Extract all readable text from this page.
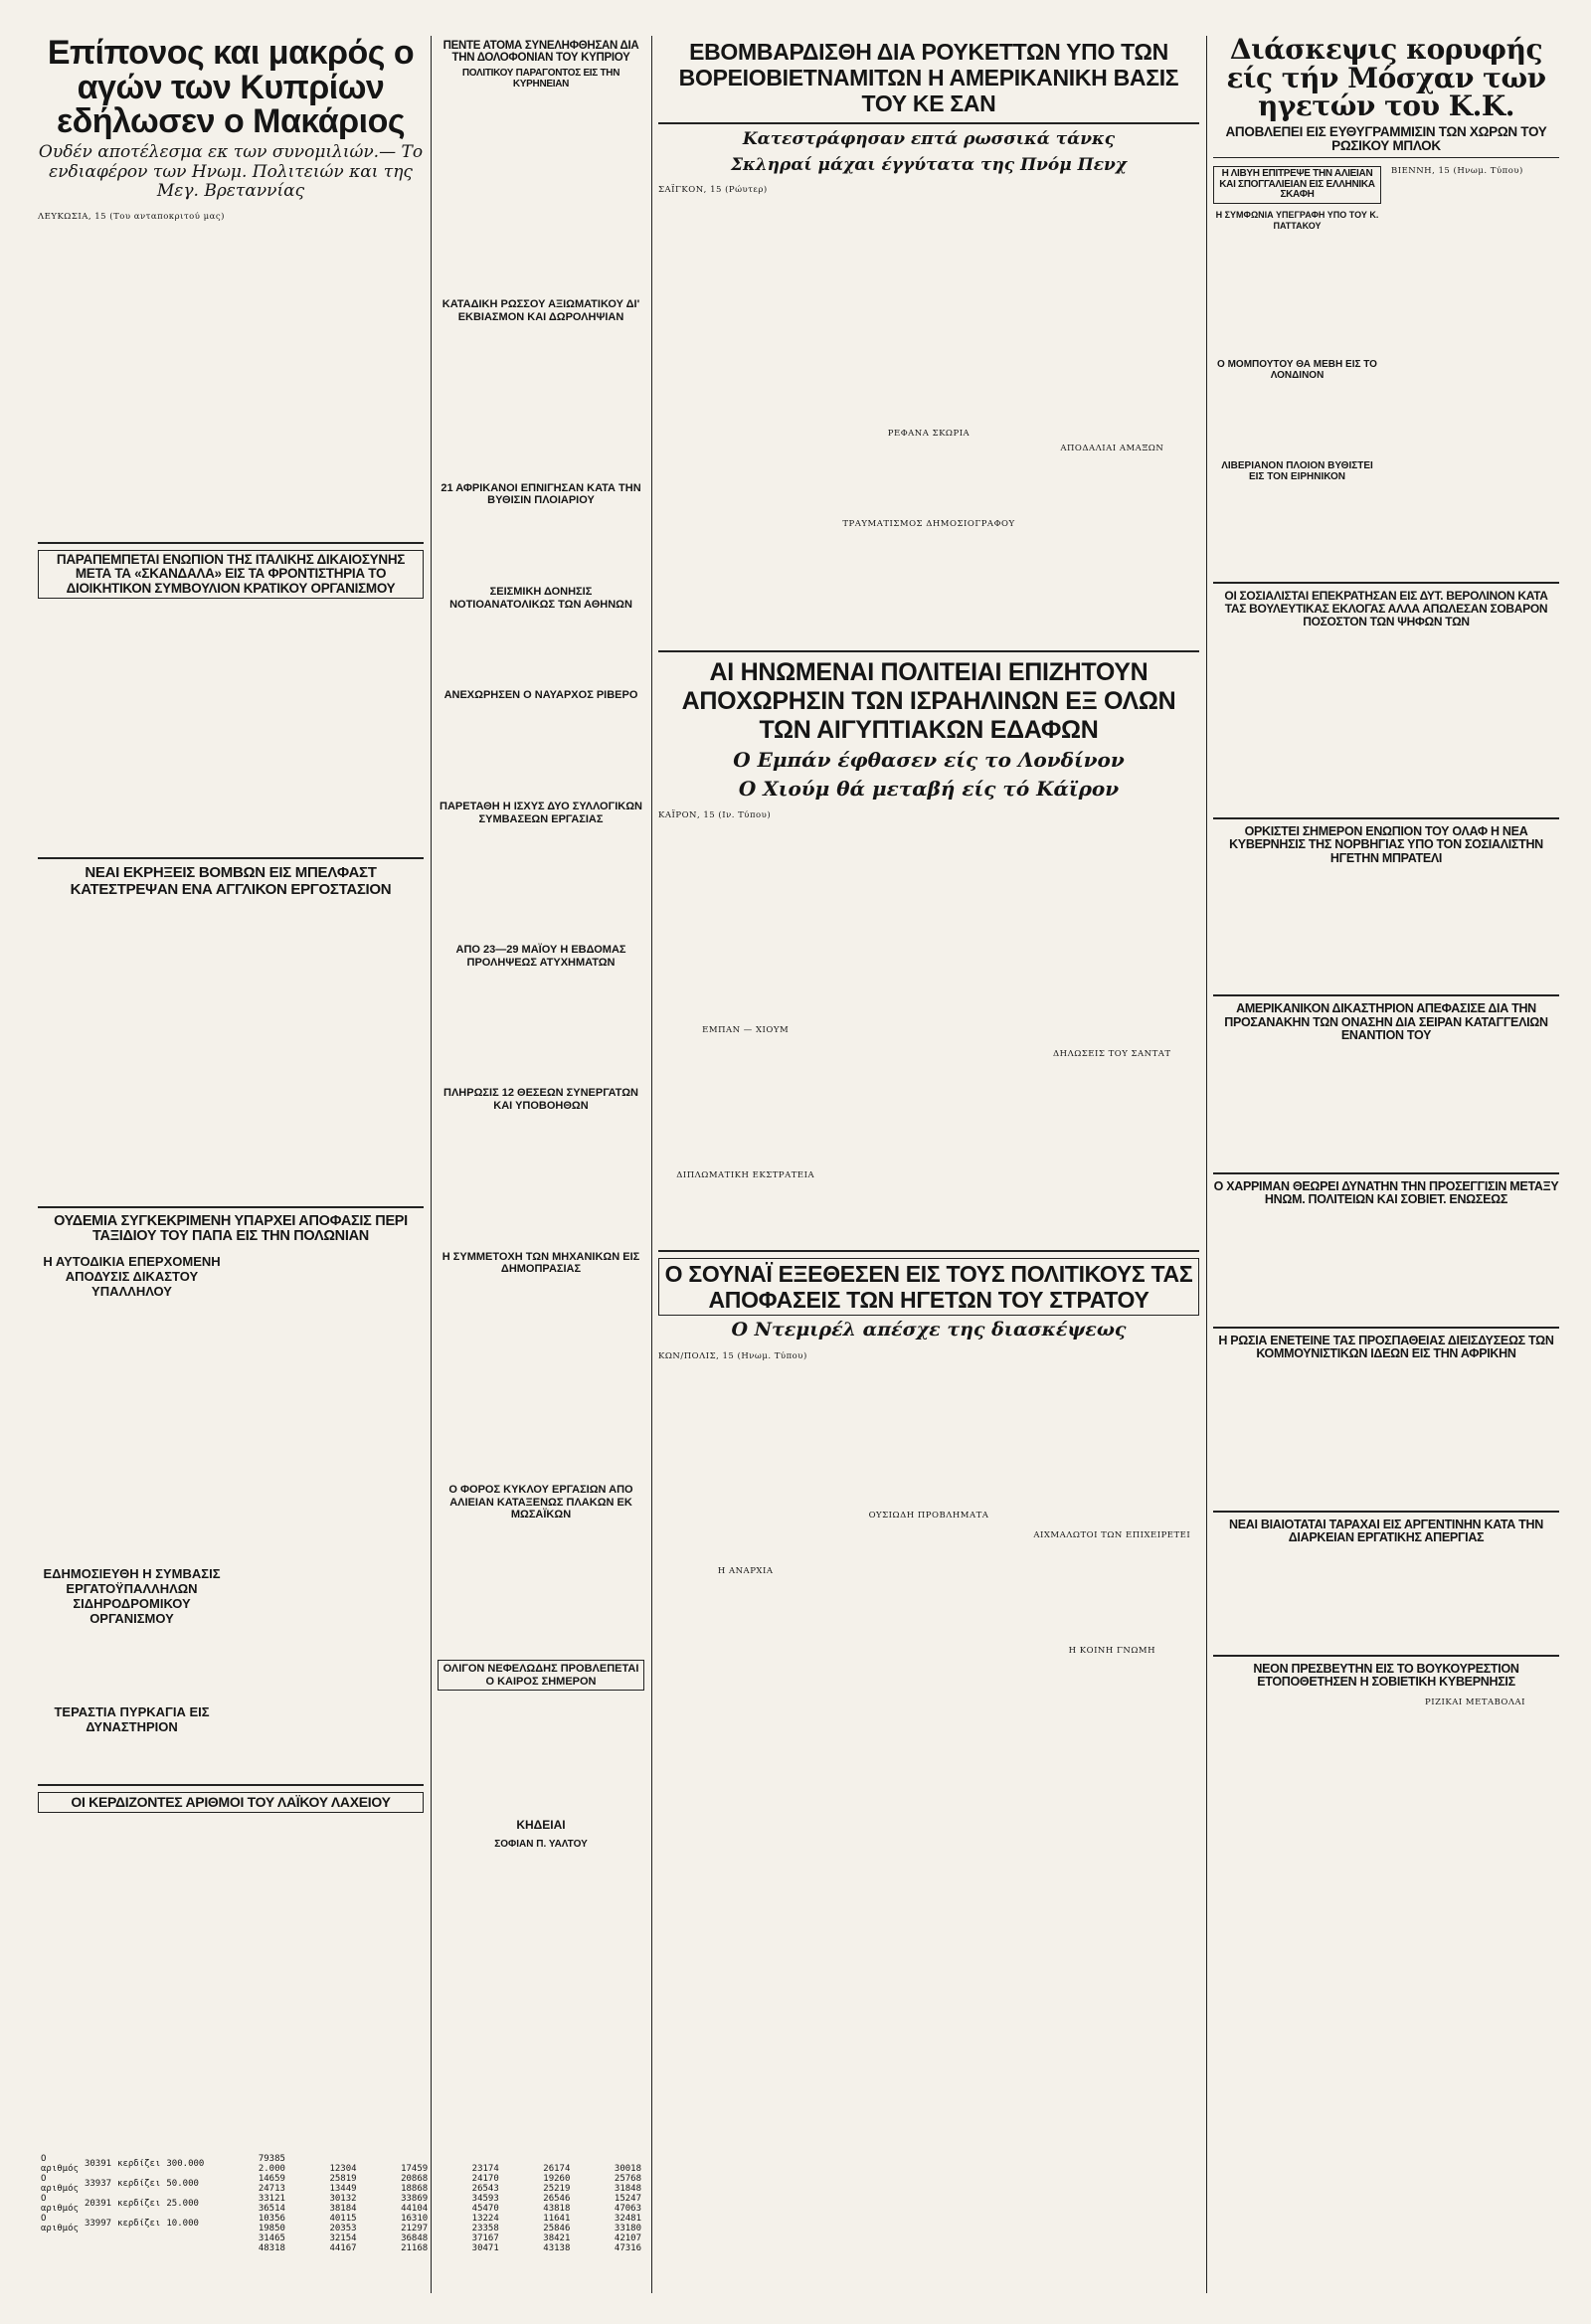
Επίπονος και μακρός ο αγών των Κυπρίων εδήλωσεν ο Μακάριος
Ουδέν αποτέλεσμα εκ των συνομιλιών.— Το ενδιαφέρον των Ηνωμ. Πολιτειών και της Μεγ. Βρεταννίας
ΛΕΥΚΩΣΙΑ, 15 (Του ανταποκριτού μας)

ΠΑΡΑΠΕΜΠΕΤΑΙ ΕΝΩΠΙΟΝ ΤΗΣ ΙΤΑΛΙΚΗΣ ΔΙΚΑΙΟΣΥΝΗΣ ΜΕΤΑ ΤΑ «ΣΚΑΝΔΑΛΑ» ΕΙΣ ΤΑ ΦΡΟΝΤΙΣΤΗΡΙΑ ΤΟ ΔΙΟΙΚΗΤΙΚΟΝ ΣΥΜΒΟΥΛΙΟΝ ΚΡΑΤΙΚΟΥ ΟΡΓΑΝΙΣΜΟΥ

ΝΕΑΙ ΕΚΡΗΞΕΙΣ ΒΟΜΒΩΝ ΕΙΣ ΜΠΕΛΦΑΣΤ ΚΑΤΕΣΤΡΕΨΑΝ ΕΝΑ ΑΓΓΛΙΚΟΝ ΕΡΓΟΣΤΑΣΙΟΝ

ΟΥΔΕΜΙΑ ΣΥΓΚΕΚΡΙΜΕΝΗ ΥΠΑΡΧΕΙ ΑΠΟΦΑΣΙΣ ΠΕΡΙ ΤΑΞΙΔΙΟΥ ΤΟΥ ΠΑΠΑ ΕΙΣ ΤΗΝ ΠΟΛΩΝΙΑΝ
Η ΑΥΤΟΔΙΚΙΑ ΕΠΕΡΧΟΜΕΝΗ ΑΠΟΔΥΣΙΣ ΔΙΚΑΣΤΟΥ ΥΠΑΛΛΗΛΟΥ

ΕΔΗΜΟΣΙΕΥΘΗ Η ΣΥΜΒΑΣΙΣ ΕΡΓΑΤΟΫΠΑΛΛΗΛΩΝ ΣΙΔΗΡΟΔΡΟΜΙΚΟΥ ΟΡΓΑΝΙΣΜΟΥ

ΤΕΡΑΣΤΙΑ ΠΥΡΚΑΓΙΑ ΕΙΣ ΔΥΝΑΣΤΗΡΙΟΝ

ΟΙ ΚΕΡΔΙΖΟΝΤΕΣ ΑΡΙΘΜΟΙ ΤΟΥ ΛΑΪΚΟΥ ΛΑΧΕΙΟΥ
ΠΕΝΤΕ ΑΤΟΜΑ ΣΥΝΕΛΗΦΘΗΣΑΝ ΔΙΑ ΤΗΝ ΔΟΛΟΦΟΝΙΑΝ ΤΟΥ ΚΥΠΡΙΟΥ
ΠΟΛΙΤΙΚΟΥ ΠΑΡΑΓΟΝΤΟΣ ΕΙΣ ΤΗΝ ΚΥΡΗΝΕΙΑΝ

ΚΑΤΑΔΙΚΗ ΡΩΣΣΟΥ ΑΞΙΩΜΑΤΙΚΟΥ ΔΙ' ΕΚΒΙΑΣΜΟΝ ΚΑΙ ΔΩΡΟΛΗΨΙΑΝ

21 ΑΦΡΙΚΑΝΟΙ ΕΠΝΙΓΗΣΑΝ ΚΑΤΑ ΤΗΝ ΒΥΘΙΣΙΝ ΠΛΟΙΑΡΙΟΥ

ΣΕΙΣΜΙΚΗ ΔΟΝΗΣΙΣ ΝΟΤΙΟΑΝΑΤΟΛΙΚΩΣ ΤΩΝ ΑΘΗΝΩΝ

ΑΝΕΧΩΡΗΣΕΝ Ο ΝΑΥΑΡΧΟΣ ΡΙΒΕΡΟ

ΠΑΡΕΤΑΘΗ Η ΙΣΧΥΣ ΔΥΟ ΣΥΛΛΟΓΙΚΩΝ ΣΥΜΒΑΣΕΩΝ ΕΡΓΑΣΙΑΣ

ΑΠΟ 23—29 ΜΑΪΟΥ Η ΕΒΔΟΜΑΣ ΠΡΟΛΗΨΕΩΣ ΑΤΥΧΗΜΑΤΩΝ

ΠΛΗΡΩΣΙΣ 12 ΘΕΣΕΩΝ ΣΥΝΕΡΓΑΤΩΝ ΚΑΙ ΥΠΟΒΟΗΘΩΝ

Η ΣΥΜΜΕΤΟΧΗ ΤΩΝ ΜΗΧΑΝΙΚΩΝ ΕΙΣ ΔΗΜΟΠΡΑΣΙΑΣ

Ο ΦΟΡΟΣ ΚΥΚΛΟΥ ΕΡΓΑΣΙΩΝ ΑΠΟ ΑΛΙΕΙΑΝ ΚΑΤΑΞΕΝΩΣ ΠΛΑΚΩΝ ΕΚ ΜΩΣΑΪΚΩΝ

ΟΛΙΓΟΝ ΝΕΦΕΛΩΔΗΣ ΠΡΟΒΛΕΠΕΤΑΙ Ο ΚΑΙΡΟΣ ΣΗΜΕΡΟΝ

ΚΗΔΕΙΑΙ
ΣΟΦΙΑΝ Π. ΥΑΛΤΟΥ

ΕΒΟΜΒΑΡΔΙΣΘΗ ΔΙΑ ΡΟΥΚΕΤΤΩΝ ΥΠΟ ΤΩΝ ΒΟΡΕΙΟΒΙΕΤΝΑΜΙΤΩΝ Η ΑΜΕΡΙΚΑΝΙΚΗ ΒΑΣΙΣ ΤΟΥ ΚΕ ΣΑΝ
Κατεστράφησαν επτά ρωσσικά τάνκς
Σκληραί μάχαι έγγύτατα της Πνόμ Πενχ
ΣΑΪΓΚΟΝ, 15 (Ρώυτερ)

ΡΕΦΑΝΑ ΣΚΩΡΙΑ

ΤΡΑΥΜΑΤΙΣΜΟΣ ΔΗΜΟΣΙΟΓΡΑΦΟΥ

ΑΠΟΔΑΛΙΑΙ ΑΜΑΞΩΝ

ΑΙ ΗΝΩΜΕΝΑΙ ΠΟΛΙΤΕΙΑΙ ΕΠΙΖΗΤΟΥΝ ΑΠΟΧΩΡΗΣΙΝ ΤΩΝ ΙΣΡΑΗΛΙΝΩΝ ΕΞ ΟΛΩΝ ΤΩΝ ΑΙΓΥΠΤΙΑΚΩΝ ΕΔΑΦΩΝ
Ο Εμπάν έφθασεν είς το Λονδίνον
Ο Χιούμ θά μεταβή είς τό Κάϊρον
ΚΑΪΡΟΝ, 15 (Ιν. Τύπου)

ΕΜΠΑΝ — ΧΙΟΥΜ

ΔΙΠΛΩΜΑΤΙΚΗ ΕΚΣΤΡΑΤΕΙΑ

ΔΗΛΩΣΕΙΣ ΤΟΥ ΣΑΝΤΑΤ

Ο ΣΟΥΝΑΪ ΕΞΕΘΕΣΕΝ ΕΙΣ ΤΟΥΣ ΠΟΛΙΤΙΚΟΥΣ ΤΑΣ ΑΠΟΦΑΣΕΙΣ ΤΩΝ ΗΓΕΤΩΝ ΤΟΥ ΣΤΡΑΤΟΥ
Ο Ντεμιρέλ απέσχε της διασκέψεως
ΚΩΝ/ΠΟΛΙΣ, 15 (Ηνωμ. Τύπου)

Η ΑΝΑΡΧΙΑ

ΟΥΣΙΩΔΗ ΠΡΟΒΛΗΜΑΤΑ

ΑΙΧΜΑΛΩΤΟΙ ΤΩΝ ΕΠΙΧΕΙΡΕΤΕΙ

Η ΚΟΙΝΗ ΓΝΩΜΗ

Διάσκεψις κορυφής είς τήν Μόσχαν των ηγετών του Κ.Κ.
ΑΠΟΒΛΕΠΕΙ ΕΙΣ ΕΥΘΥΓΡΑΜΜΙΣΙΝ ΤΩΝ ΧΩΡΩΝ ΤΟΥ ΡΩΣΙΚΟΥ ΜΠΛΟΚ
Η ΛΙΒΥΗ ΕΠΙΤΡΕΨΕ ΤΗΝ ΑΛΙΕΙΑΝ ΚΑΙ ΣΠΟΓΓΑΛΙΕΙΑΝ ΕΙΣ ΕΛΛΗΝΙΚΑ ΣΚΑΦΗ
Η ΣΥΜΦΩΝΙΑ ΥΠΕΓΡΑΦΗ ΥΠΟ ΤΟΥ Κ. ΠΑΤΤΑΚΟΥ

Ο ΜΟΜΠΟΥΤΟΥ ΘΑ ΜΕΒΗ ΕΙΣ ΤΟ ΛΟΝΔΙΝΟΝ

ΛΙΒΕΡΙΑΝΟΝ ΠΛΟΙΟΝ ΒΥΘΙΣΤΕΙ ΕΙΣ ΤΟΝ ΕΙΡΗΝΙΚΟΝ

ΒΙΕΝΝΗ, 15 (Ηνωμ. Τύπου)

ΟΙ ΣΟΣΙΑΛΙΣΤΑΙ ΕΠΕΚΡΑΤΗΣΑΝ ΕΙΣ ΔΥΤ. ΒΕΡΟΛΙΝΟΝ ΚΑΤΑ ΤΑΣ ΒΟΥΛΕΥΤΙΚΑΣ ΕΚΛΟΓΑΣ ΑΛΛΑ ΑΠΩΛΕΣΑΝ ΣΟΒΑΡΟΝ ΠΟΣΟΣΤΟΝ ΤΩΝ ΨΗΦΩΝ ΤΩΝ

ΟΡΚΙΣΤΕΙ ΣΗΜΕΡΟΝ ΕΝΩΠΙΟΝ ΤΟΥ ΟΛΑΦ Η ΝΕΑ ΚΥΒΕΡΝΗΣΙΣ ΤΗΣ ΝΟΡΒΗΓΙΑΣ ΥΠΟ ΤΟΝ ΣΟΣΙΑΛΙΣΤΗΝ ΗΓΕΤΗΝ ΜΠΡΑΤΕΛΙ

ΑΜΕΡΙΚΑΝΙΚΟΝ ΔΙΚΑΣΤΗΡΙΟΝ ΑΠΕΦΑΣΙΣΕ ΔΙΑ ΤΗΝ ΠΡΟΣΑΝΑΚΗΝ ΤΩΝ ΟΝΑΣΗΝ ΔΙΑ ΣΕΙΡΑΝ ΚΑΤΑΓΓΕΛΙΩΝ ΕΝΑΝΤΙΟΝ ΤΟΥ

Ο ΧΑΡΡΙΜΑΝ ΘΕΩΡΕΙ ΔΥΝΑΤΗΝ ΤΗΝ ΠΡΟΣΕΓΓΙΣΙΝ ΜΕΤΑΞΥ ΗΝΩΜ. ΠΟΛΙΤΕΙΩΝ ΚΑΙ ΣΟΒΙΕΤ. ΕΝΩΣΕΩΣ

Η ΡΩΣΙΑ ΕΝΕΤΕΙΝΕ ΤΑΣ ΠΡΟΣΠΑΘΕΙΑΣ ΔΙΕΙΣΔΥΣΕΩΣ ΤΩΝ ΚΟΜΜΟΥΝΙΣΤΙΚΩΝ ΙΔΕΩΝ ΕΙΣ ΤΗΝ ΑΦΡΙΚΗΝ

ΝΕΑΙ ΒΙΑΙΟΤΑΤΑΙ ΤΑΡΑΧΑΙ ΕΙΣ ΑΡΓΕΝΤΙΝΗΝ ΚΑΤΑ ΤΗΝ ΔΙΑΡΚΕΙΑΝ ΕΡΓΑΤΙΚΗΣ ΑΠΕΡΓΙΑΣ

ΝΕΟΝ ΠΡΕΣΒΕΥΤΗΝ ΕΙΣ ΤΟ ΒΟΥΚΟΥΡΕΣΤΙΟΝ ΕΤΟΠΟΘΕΤΗΣΕΝ Η ΣΟΒΙΕΤΙΚΗ ΚΥΒΕΡΝΗΣΙΣ

ΡΙΖΙΚΑΙ ΜΕΤΑΒΟΛΑΙ

Ο αριθμός	30391	κερδίζει	300.000
Ο αριθμός	33937	κερδίζει	50.000
Ο αριθμός	20391	κερδίζει	25.000
Ο αριθμός	33997	κερδίζει	10.000
79385					
2.000	12304	17459	23174	26174	30018
14659	25819	20868	24170	19260	25768
24713	13449	18868	26543	25219	31848
33121	30132	33869	34593	26546	15247
36514	38184	44104	45470	43818	47063
10356	40115	16310	13224	11641	32481
19850	20353	21297	23358	25846	33180
31465	32154	36848	37167	38421	42107
48318	44167	21168	30471	43138	47316
